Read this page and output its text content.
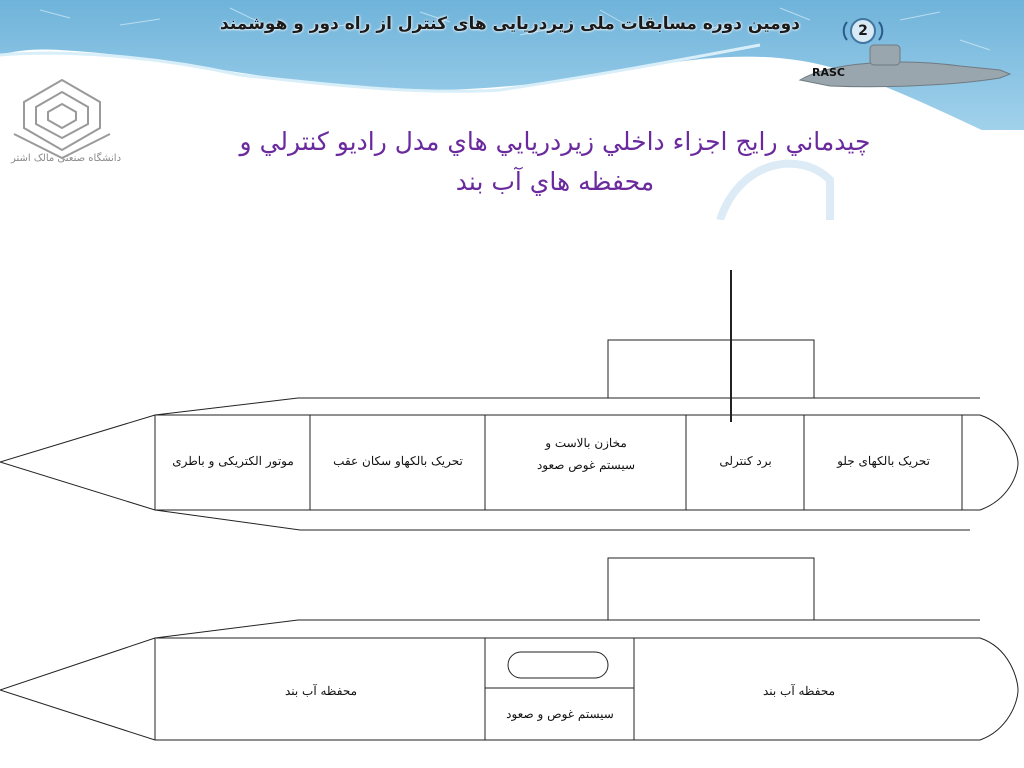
دومین دوره مسابقات ملی زیردریایی های کنترل از راه دور و هوشمند	2
RASC
دانشگاه صنعتی مالک اشتر
چيدماني رايج اجزاء داخلي زيردريايي هاي مدل راديو كنترلي و
محفظه هاي آب بند
موتور الکتریکی و باطری	تحریک بالکهاو سکان عقب
مخازن بالاست و
سیستم غوص صعود	برد کنترلی	تحریک بالکهای جلو
محفظه آب بند
سیستم غوص و صعود
محفظه آب بند
